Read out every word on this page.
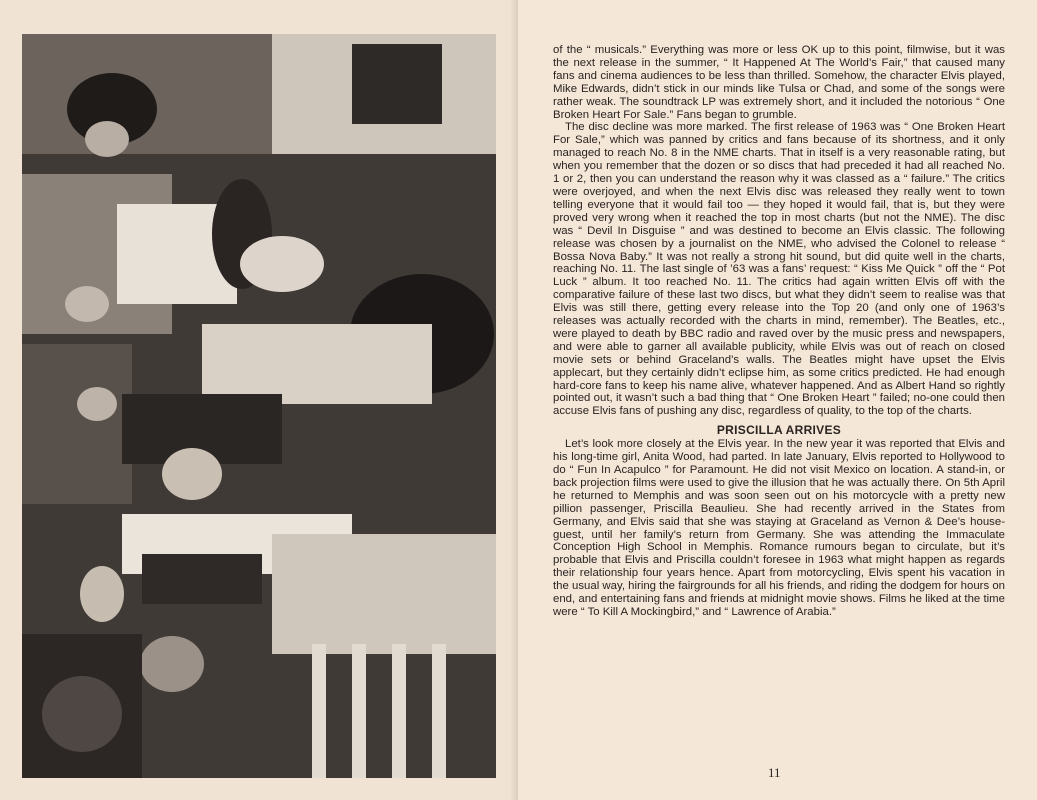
of the “ musicals.” Everything was more or less OK up to this point, filmwise, but it was the next release in the summer, “ It Happened At The World’s Fair,” that caused many fans and cinema audiences to be less than thrilled. Somehow, the character Elvis played, Mike Edwards, didn’t stick in our minds like Tulsa or Chad, and some of the songs were rather weak. The soundtrack LP was extremely short, and it included the notorious “ One Broken Heart For Sale.” Fans began to grumble.

The disc decline was more marked. The first release of 1963 was “ One Broken Heart For Sale,” which was panned by critics and fans because of its shortness, and it only managed to reach No. 8 in the NME charts. That in itself is a very reasonable rating, but when you remember that the dozen or so discs that had preceded it had all reached No. 1 or 2, then you can understand the reason why it was classed as a “ failure.” The critics were overjoyed, and when the next Elvis disc was released they really went to town telling everyone that it would fail too — they hoped it would fail, that is, but they were proved very wrong when it reached the top in most charts (but not the NME). The disc was “ Devil In Disguise ” and was destined to become an Elvis classic. The following release was chosen by a journalist on the NME, who advised the Colonel to release “ Bossa Nova Baby.” It was not really a strong hit sound, but did quite well in the charts, reaching No. 11. The last single of ’63 was a fans’ request: “ Kiss Me Quick ” off the “ Pot Luck ” album. It too reached No. 11. The critics had again written Elvis off with the comparative failure of these last two discs, but what they didn’t seem to realise was that Elvis was still there, getting every release into the Top 20 (and only one of 1963’s releases was actually recorded with the charts in mind, remember). The Beatles, etc., were played to death by BBC radio and raved over by the music press and newspapers, and were able to garner all available publicity, while Elvis was out of reach on closed movie sets or behind Graceland’s walls. The Beatles might have upset the Elvis applecart, but they certainly didn’t eclipse him, as some critics predicted. He had enough hard-core fans to keep his name alive, whatever happened. And as Albert Hand so rightly pointed out, it wasn’t such a bad thing that “ One Broken Heart ” failed; no-one could then accuse Elvis fans of pushing any disc, regardless of quality, to the top of the charts.

PRISCILLA ARRIVES

Let’s look more closely at the Elvis year. In the new year it was reported that Elvis and his long-time girl, Anita Wood, had parted. In late January, Elvis reported to Hollywood to do “ Fun In Acapulco ” for Paramount. He did not visit Mexico on location. A stand-in, or back projection films were used to give the illusion that he was actually there. On 5th April he returned to Memphis and was soon seen out on his motorcycle with a pretty new pillion passenger, Priscilla Beaulieu. She had recently arrived in the States from Germany, and Elvis said that she was staying at Graceland as Vernon & Dee’s house-guest, until her family’s return from Germany. She was attending the Immaculate Conception High School in Memphis. Romance rumours began to circulate, but it’s probable that Elvis and Priscilla couldn’t foresee in 1963 what might happen as regards their relationship four years hence. Apart from motorcycling, Elvis spent his vacation in the usual way, hiring the fairgrounds for all his friends, and riding the dodgem for hours on end, and entertaining fans and friends at midnight movie shows. Films he liked at the time were “ To Kill A Mockingbird,” and “ Lawrence of Arabia.”

11
